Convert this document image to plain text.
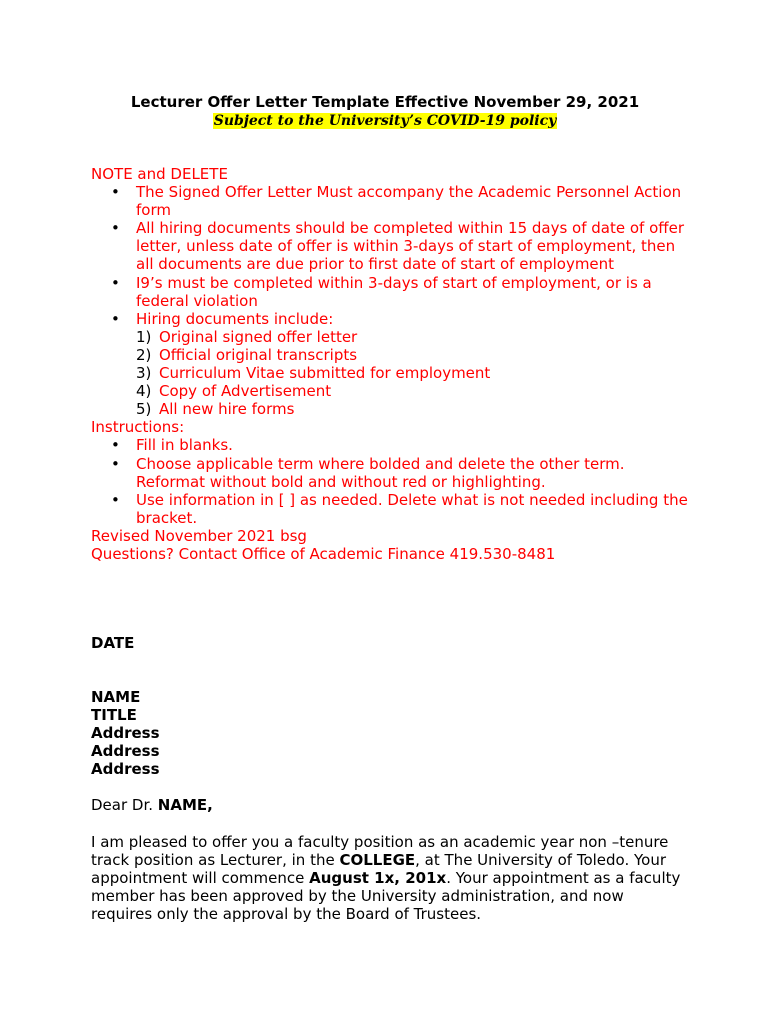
Lecturer Offer Letter Template Effective November 29, 2021
Subject to the University’s COVID-19 policy

NOTE and DELETE

• The Signed Offer Letter Must accompany the Academic Personnel Action form
• All hiring documents should be completed within 15 days of date of offer letter, unless date of offer is within 3-days of start of employment, then all documents are due prior to first date of start of employment
• I9’s must be completed within 3-days of start of employment, or is a federal violation
• Hiring documents include:
1) Original signed offer letter
2) Official original transcripts
3) Curriculum Vitae submitted for employment
4) Copy of Advertisement
5) All new hire forms

Instructions:

• Fill in blanks.
• Choose applicable term where bolded and delete the other term. Reformat without bold and without red or highlighting.
• Use information in [ ] as needed. Delete what is not needed including the bracket.

Revised November 2021 bsg

Questions? Contact Office of Academic Finance 419.530-8481

DATE
NAME
TITLE
Address
Address
Address
Dear Dr. NAME,
I am pleased to offer you a faculty position as an academic year non –tenure track position as Lecturer, in the COLLEGE, at The University of Toledo. Your appointment will commence August 1x, 201x. Your appointment as a faculty member has been approved by the University administration, and now requires only the approval by the Board of Trustees.
